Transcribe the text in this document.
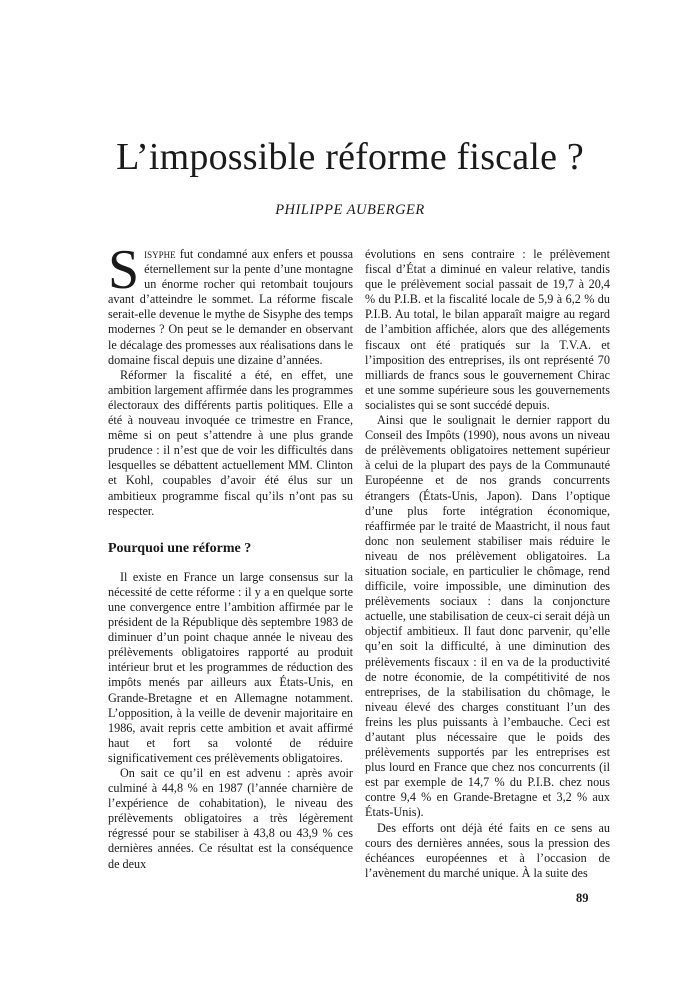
L’impossible réforme fiscale ?
PHILIPPE AUBERGER

Sisyphe fut condamné aux enfers et poussa éternellement sur la pente d’une montagne un énorme rocher qui retombait toujours avant d’atteindre le sommet. La réforme fiscale serait-elle devenue le mythe de Sisyphe des temps modernes ? On peut se le demander en observant le décalage des promesses aux réalisations dans le domaine fiscal depuis une dizaine d’années.

Réformer la fiscalité a été, en effet, une ambition largement affirmée dans les programmes électoraux des différents partis politiques. Elle a été à nouveau invoquée ce trimestre en France, même si on peut s’attendre à une plus grande prudence : il n’est que de voir les difficultés dans lesquelles se débattent actuellement MM. Clinton et Kohl, coupables d’avoir été élus sur un ambitieux programme fiscal qu’ils n’ont pas su respecter.

Pourquoi une réforme ?

Il existe en France un large consensus sur la nécessité de cette réforme : il y a en quelque sorte une convergence entre l’ambition affirmée par le président de la République dès septembre 1983 de diminuer d’un point chaque année le niveau des prélèvements obligatoires rapporté au produit intérieur brut et les programmes de réduction des impôts menés par ailleurs aux États-Unis, en Grande-Bretagne et en Allemagne notamment. L’opposition, à la veille de devenir majoritaire en 1986, avait repris cette ambition et avait affirmé haut et fort sa volonté de réduire significativement ces prélèvements obligatoires.

On sait ce qu’il en est advenu : après avoir culminé à 44,8 % en 1987 (l’année charnière de l’expérience de cohabitation), le niveau des prélèvements obligatoires a très légèrement régressé pour se stabiliser à 43,8 ou 43,9 % ces dernières années. Ce résultat est la conséquence de deux

évolutions en sens contraire : le prélèvement fiscal d’État a diminué en valeur relative, tandis que le prélèvement social passait de 19,7 à 20,4 % du P.I.B. et la fiscalité locale de 5,9 à 6,2 % du P.I.B. Au total, le bilan apparaît maigre au regard de l’ambition affichée, alors que des allégements fiscaux ont été pratiqués sur la T.V.A. et l’imposition des entreprises, ils ont représenté 70 milliards de francs sous le gouvernement Chirac et une somme supérieure sous les gouvernements socialistes qui se sont succédé depuis.

Ainsi que le soulignait le dernier rapport du Conseil des Impôts (1990), nous avons un niveau de prélèvements obligatoires nettement supérieur à celui de la plupart des pays de la Communauté Européenne et de nos grands concurrents étrangers (États-Unis, Japon). Dans l’optique d’une plus forte intégration économique, réaffirmée par le traité de Maastricht, il nous faut donc non seulement stabiliser mais réduire le niveau de nos prélèvement obligatoires. La situation sociale, en particulier le chômage, rend difficile, voire impossible, une diminution des prélèvements sociaux : dans la conjoncture actuelle, une stabilisation de ceux-ci serait déjà un objectif ambitieux. Il faut donc parvenir, qu’elle qu’en soit la difficulté, à une diminution des prélèvements fiscaux : il en va de la productivité de notre économie, de la compétitivité de nos entreprises, de la stabilisation du chômage, le niveau élevé des charges constituant l’un des freins les plus puissants à l’embauche. Ceci est d’autant plus nécessaire que le poids des prélèvements supportés par les entreprises est plus lourd en France que chez nos concurrents (il est par exemple de 14,7 % du P.I.B. chez nous contre 9,4 % en Grande-Bretagne et 3,2 % aux États-Unis).

Des efforts ont déjà été faits en ce sens au cours des dernières années, sous la pression des échéances européennes et à l’occasion de l’avènement du marché unique. À la suite des

89
